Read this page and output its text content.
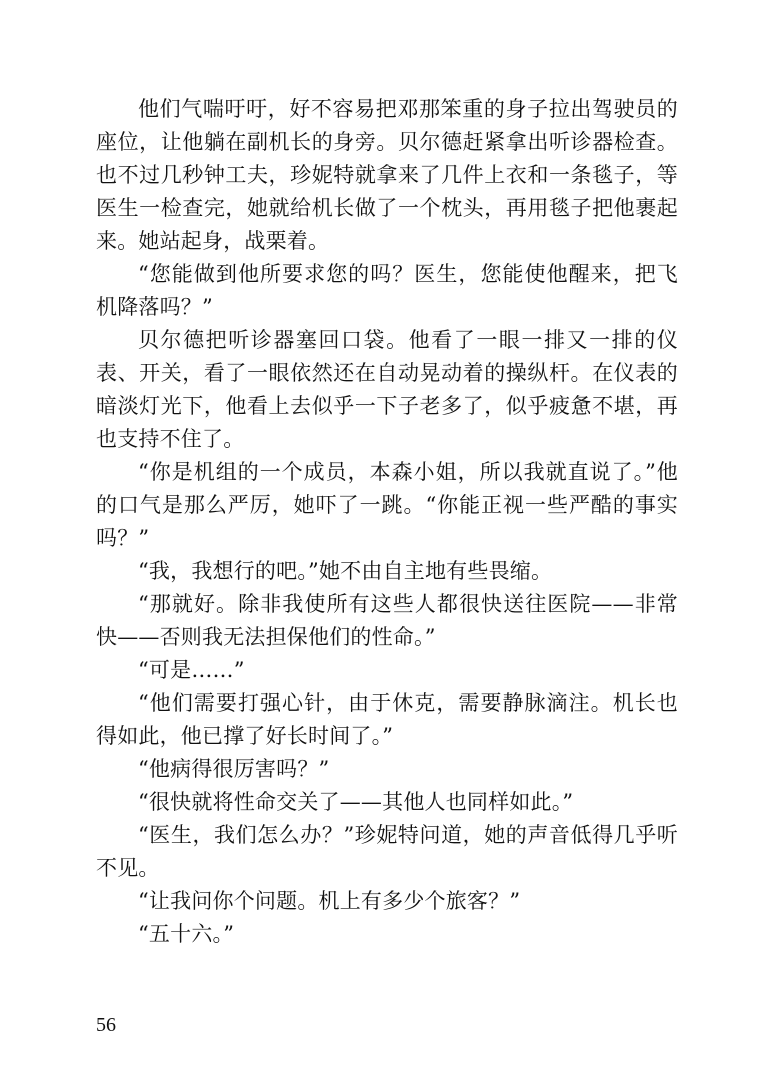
他们气喘吁吁，好不容易把邓那笨重的身子拉出驾驶员的座位，让他躺在副机长的身旁。贝尔德赶紧拿出听诊器检查。也不过几秒钟工夫，珍妮特就拿来了几件上衣和一条毯子，等医生一检查完，她就给机长做了一个枕头，再用毯子把他裹起来。她站起身，战栗着。

“您能做到他所要求您的吗？医生，您能使他醒来，把飞机降落吗？”

贝尔德把听诊器塞回口袋。他看了一眼一排又一排的仪表、开关，看了一眼依然还在自动晃动着的操纵杆。在仪表的暗淡灯光下，他看上去似乎一下子老多了，似乎疲惫不堪，再也支持不住了。

“你是机组的一个成员，本森小姐，所以我就直说了。”他的口气是那么严厉，她吓了一跳。“你能正视一些严酷的事实吗？”

“我，我想行的吧。”她不由自主地有些畏缩。

“那就好。除非我使所有这些人都很快送往医院——非常快——否则我无法担保他们的性命。”

“可是……”

“他们需要打强心针，由于休克，需要静脉滴注。机长也得如此，他已撑了好长时间了。”

“他病得很厉害吗？”

“很快就将性命交关了——其他人也同样如此。”

“医生，我们怎么办？”珍妮特问道，她的声音低得几乎听不见。

“让我问你个问题。机上有多少个旅客？”

“五十六。”

56
